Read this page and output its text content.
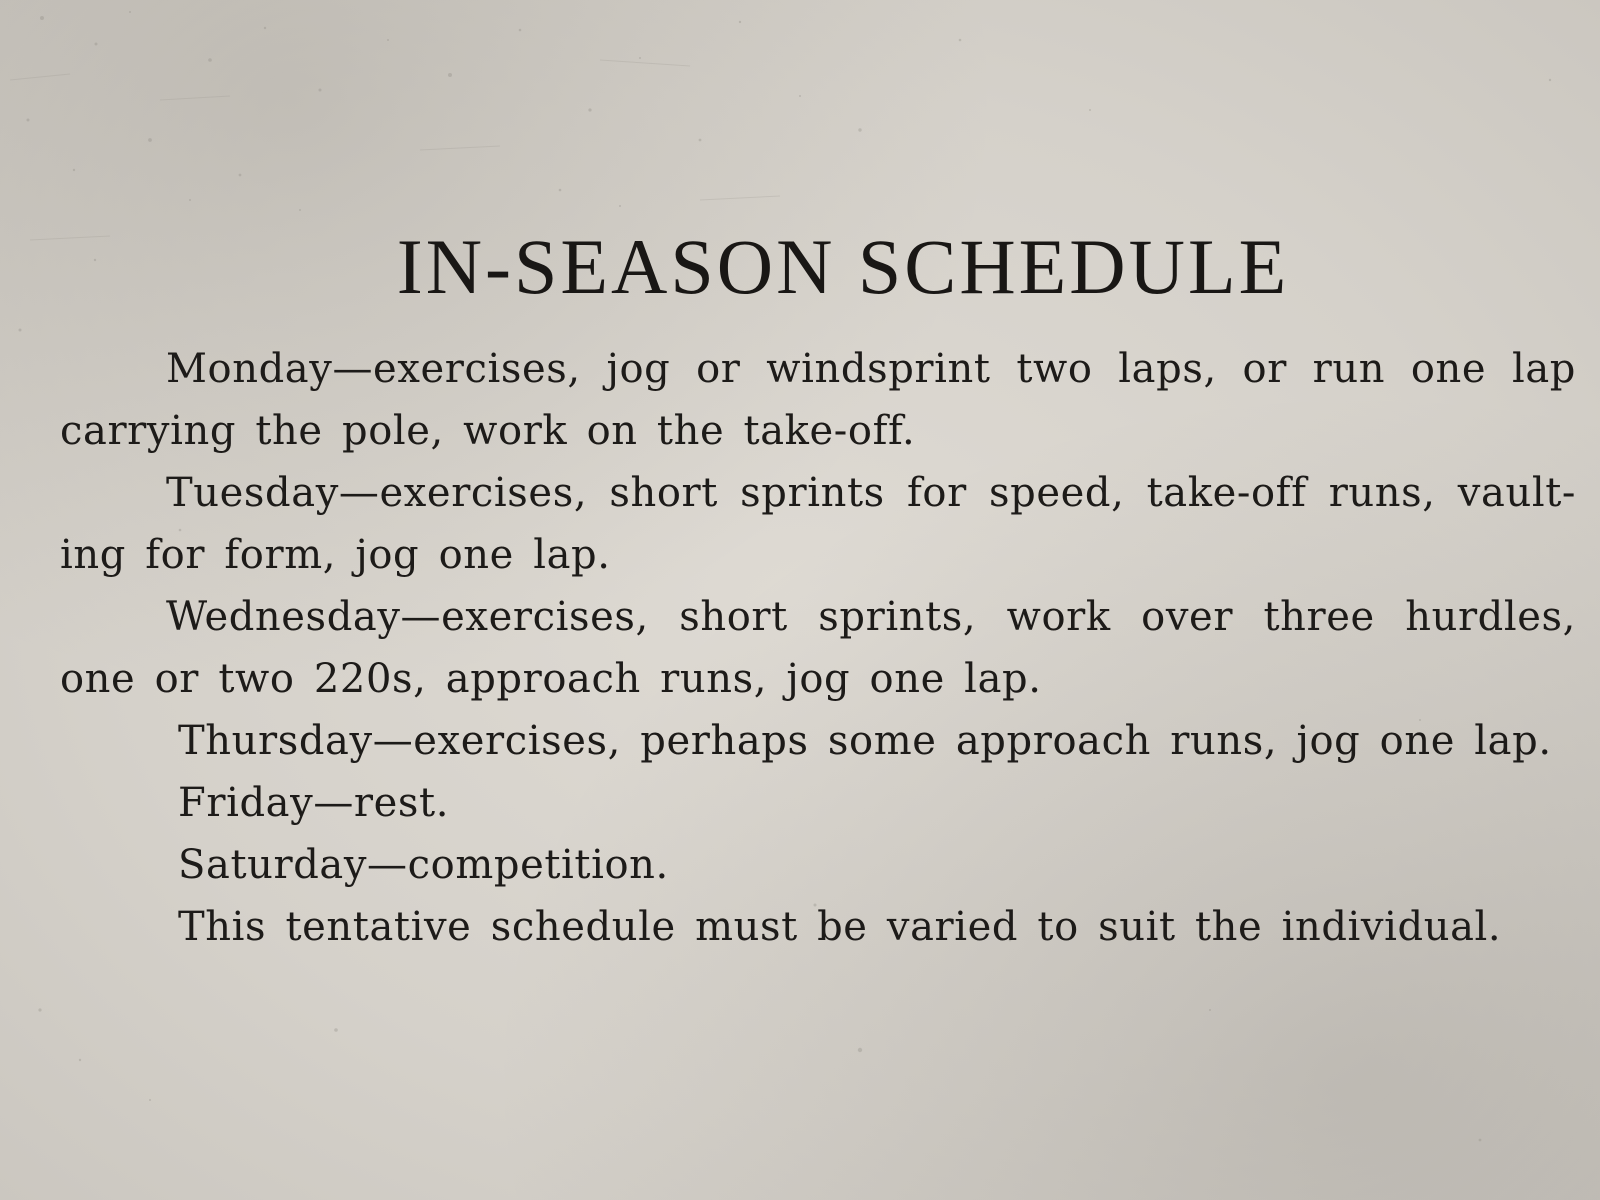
IN-SEASON SCHEDULE

Monday—exercises, jog or windsprint two laps, or run one lap carrying the pole, work on the take-off.

Tuesday—exercises, short sprints for speed, take-off runs, vault-ing for form, jog one lap.

Wednesday—exercises, short sprints, work over three hurdles, one or two 220s, approach runs, jog one lap.

Thursday—exercises, perhaps some approach runs, jog one lap.

Friday—rest.

Saturday—competition.

This tentative schedule must be varied to suit the individual.
